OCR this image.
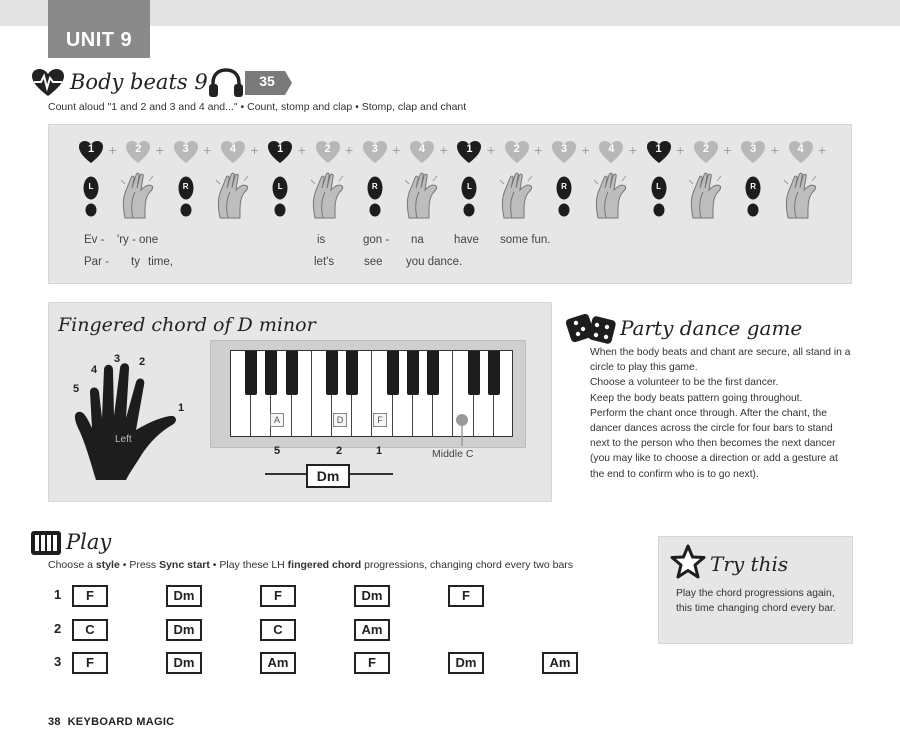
UNIT 9
Body beats 9	35
Count aloud "1 and 2 and 3 and 4 and..." • Count, stomp and clap • Stomp, clap and chant
1	+	2	+	3	+	4	+	1	+	2	+	3	+	4	+	1	+	2	+	3	+	4	+	1	+	2	+	3	+	4	+
L	R	L	R	L	R	L	R
Ev - 'ry - one	is	gon - na	have some fun.
Par - ty time,	let's	see you dance.
Fingered chord of D minor
5
4
3 2
1
Left
A	D	F
Middle C
5	2	1
Dm
Party dance game

When the body beats and chant are secure, all stand in a circle to play this game.

Choose a volunteer to be the first dancer.

Keep the body beats pattern going throughout.

Perform the chant once through. After the chant, the dancer dances across the circle for four bars to stand next to the person who then becomes the next dancer (you may like to choose a direction or add a gesture at the end to confirm who is to go next).

Play
Choose a style • Press Sync start • Play these LH fingered chord progressions, changing chord every two bars
1	F	Dm	F	Dm	F
2	C	Dm	C	Am
3	F	Dm	Am	F	Dm	Am
Try this
Play the chord progressions again, this time changing chord every bar.
38 KEYBOARD MAGIC
